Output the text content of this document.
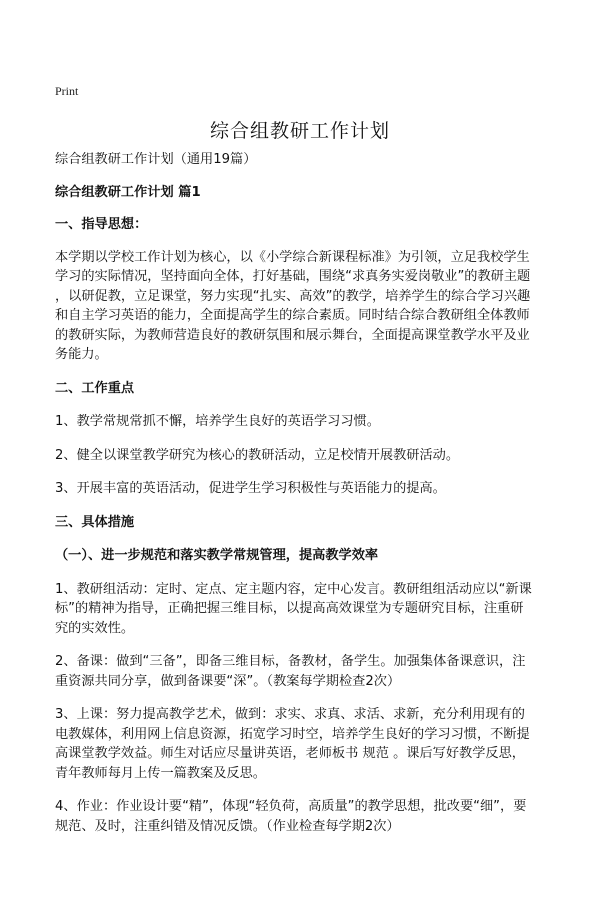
Print
综合组教研工作计划

综合组教研工作计划（通用19篇）

综合组教研工作计划 篇1

一、指导思想：

本学期以学校工作计划为核心，以《小学综合新课程标准》为引领，立足我校学生

学习的实际情况，坚持面向全体，打好基础，围绕“求真务实爱岗敬业”的教研主题

，以研促教，立足课堂，努力实现“扎实、高效”的教学，培养学生的综合学习兴趣

和自主学习英语的能力，全面提高学生的综合素质。同时结合综合教研组全体教师

的教研实际，为教师营造良好的教研氛围和展示舞台，全面提高课堂教学水平及业

务能力。

二、工作重点

1、教学常规常抓不懈，培养学生良好的英语学习习惯。

2、健全以课堂教学研究为核心的教研活动，立足校情开展教研活动。

3、开展丰富的英语活动，促进学生学习积极性与英语能力的提高。

三、具体措施

（一）、进一步规范和落实教学常规管理，提高教学效率

1、教研组活动：定时、定点、定主题内容，定中心发言。教研组组活动应以“新课

标”的精神为指导，正确把握三维目标，以提高高效课堂为专题研究目标，注重研

究的实效性。

2、备课：做到“三备”，即备三维目标，备教材，备学生。加强集体备课意识，注

重资源共同分享，做到备课要“深”。（教案每学期检查2次）

3、上课：努力提高教学艺术，做到：求实、求真、求活、求新，充分利用现有的

电教媒体，利用网上信息资源，拓宽学习时空，培养学生良好的学习习惯，不断提

高课堂教学效益。师生对话应尽量讲英语，老师板书 规范 。课后写好教学反思，

青年教师每月上传一篇教案及反思。

4、作业：作业设计要“精”，体现“轻负荷，高质量”的教学思想，批改要“细”，要

规范、及时，注重纠错及情况反馈。（作业检查每学期2次）
